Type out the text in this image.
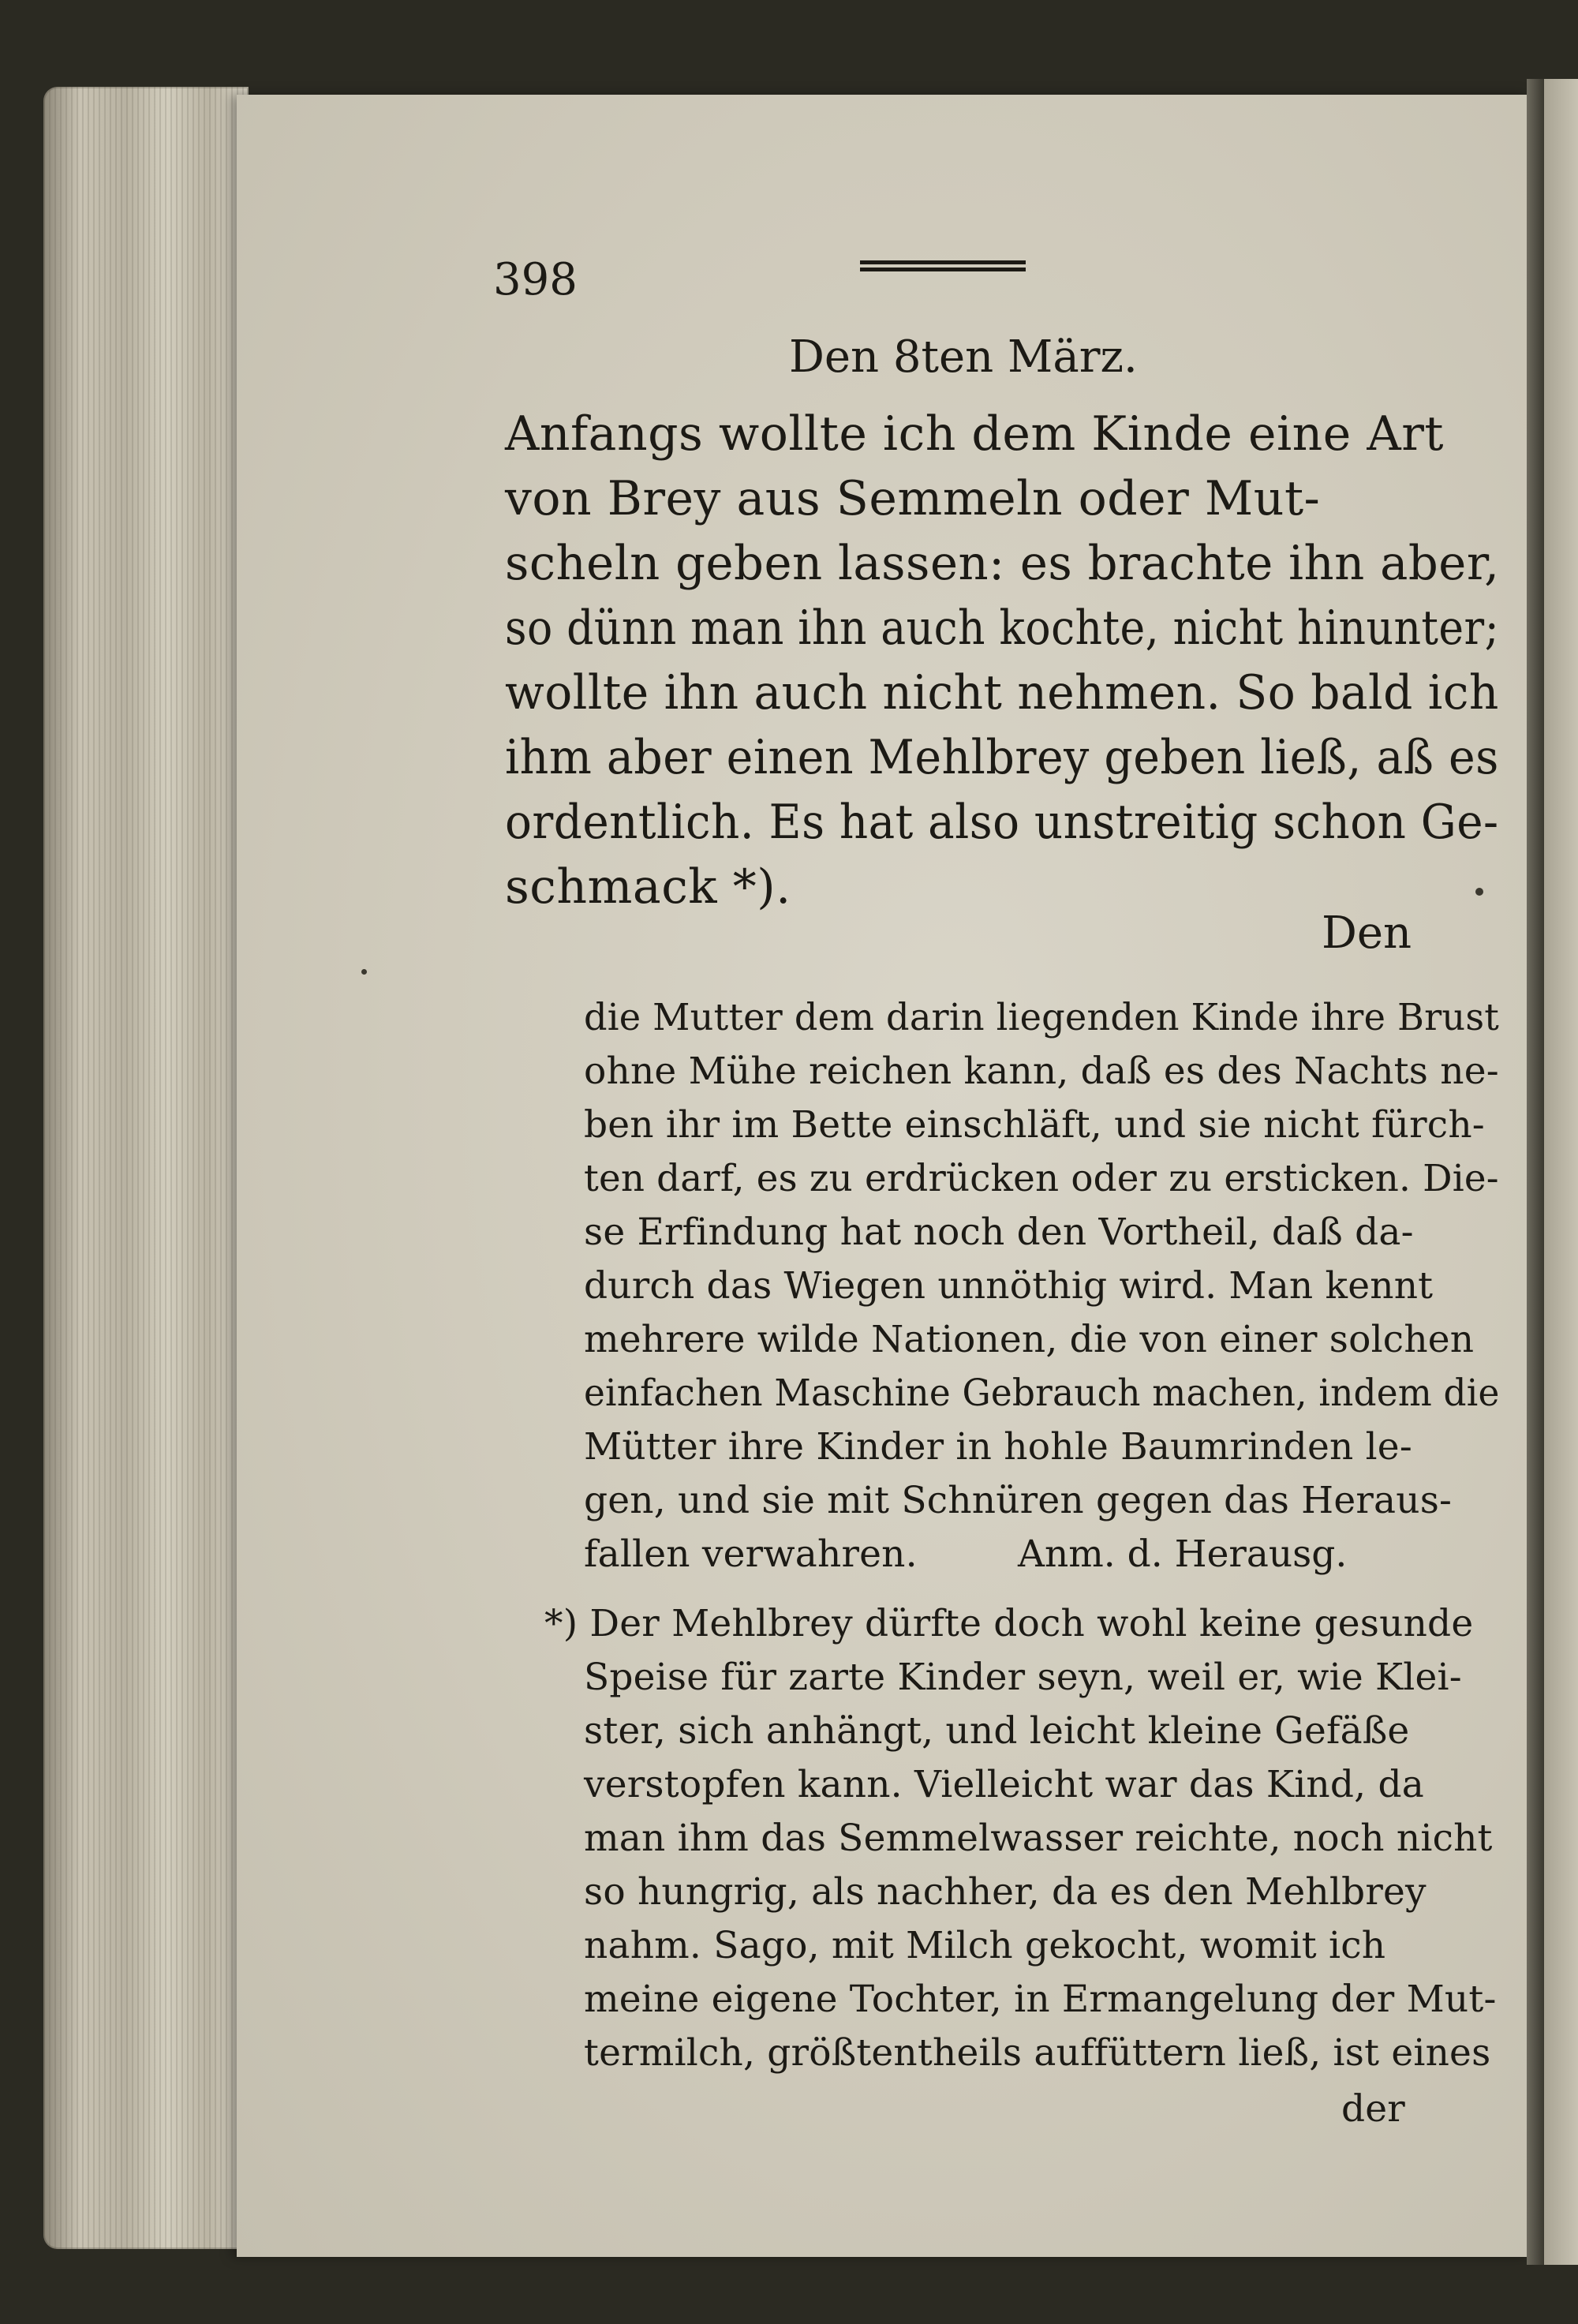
398
Den 8ten März.
Anfangs wollte ich dem Kinde eine Art
von Brey aus Semmeln oder Mut-
scheln geben lassen: es brachte ihn aber,
so dünn man ihn auch kochte, nicht hinunter;
wollte ihn auch nicht nehmen. So bald ich
ihm aber einen Mehlbrey geben ließ, aß es
ordentlich. Es hat also unstreitig schon Ge-
schmack *).
Den
die Mutter dem darin liegenden Kinde ihre Brust
ohne Mühe reichen kann, daß es des Nachts ne-
ben ihr im Bette einschläft, und sie nicht fürch-
ten darf, es zu erdrücken oder zu ersticken. Die-
se Erfindung hat noch den Vortheil, daß da-
durch das Wiegen unnöthig wird. Man kennt
mehrere wilde Nationen, die von einer solchen
einfachen Maschine Gebrauch machen, indem die
Mütter ihre Kinder in hohle Baumrinden le-
gen, und sie mit Schnüren gegen das Heraus-
fallen verwahren.	Anm. d. Herausg.
*) Der Mehlbrey dürfte doch wohl keine gesunde
Speise für zarte Kinder seyn, weil er, wie Klei-
ster, sich anhängt, und leicht kleine Gefäße
verstopfen kann. Vielleicht war das Kind, da
man ihm das Semmelwasser reichte, noch nicht
so hungrig, als nachher, da es den Mehlbrey
nahm. Sago, mit Milch gekocht, womit ich
meine eigene Tochter, in Ermangelung der Mut-
termilch, größtentheils auffüttern ließ, ist eines
der
